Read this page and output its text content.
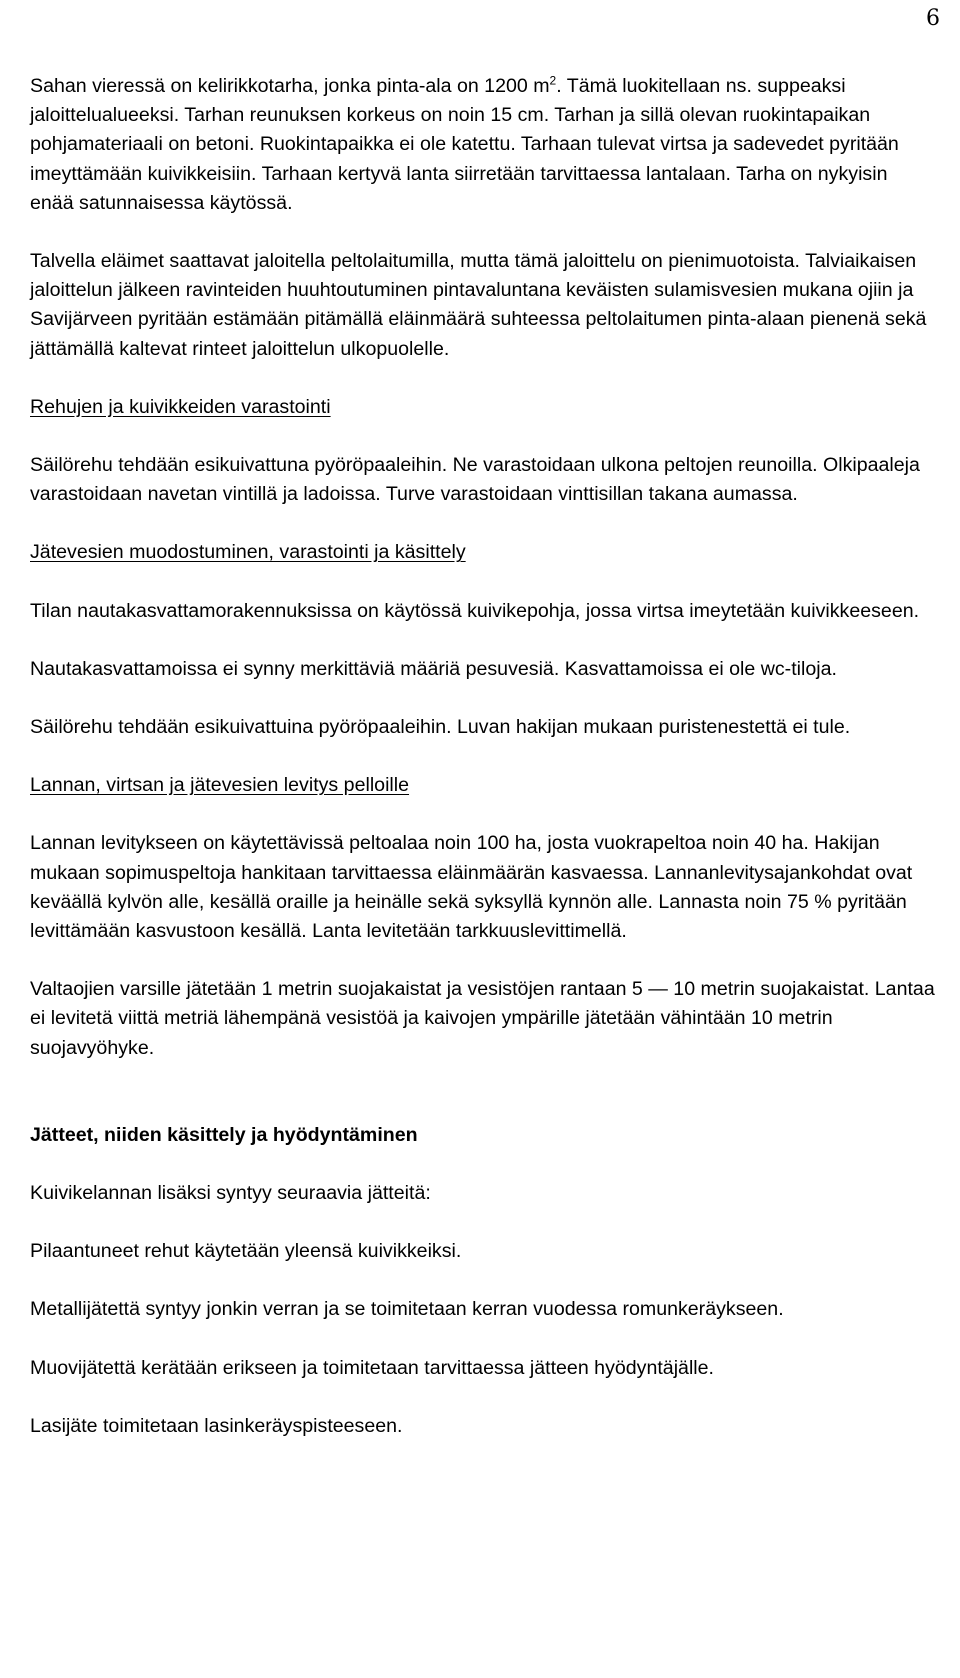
6

Sahan vieressä on kelirikkotarha, jonka pinta-ala on 1200 $m^2$. Tämä luokitellaan ns. suppeaksi jaloittelualueeksi. Tarhan reunuksen korkeus on noin 15 cm. Tarhan ja sillä olevan ruokintapaikan pohjamateriaali on betoni. Ruokintapaikka ei ole katettu. Tarhaan tulevat virtsa ja sadevedet pyritään imeyttämään kuivikkeisiin. Tarhaan kertyvä lanta siirretään tarvittaessa lantalaan. Tarha on nykyisin enää satunnaisessa käytössä.

Talvella eläimet saattavat jaloitella peltolaitumilla, mutta tämä jaloittelu on pienimuotoista. Talviaikaisen jaloittelun jälkeen ravinteiden huuhtoutuminen pintavaluntana keväisten sulamisvesien mukana ojiin ja Savijärveen pyritään estämään pitämällä eläinmäärä suhteessa peltolaitumen pinta-alaan pienenä sekä jättämällä kaltevat rinteet jaloittelun ulkopuolelle.

Rehujen ja kuivikkeiden varastointi

Säilörehu tehdään esikuivattuna pyöröpaaleihin. Ne varastoidaan ulkona peltojen reunoilla. Olkipaaleja varastoidaan navetan vintillä ja ladoissa. Turve varastoidaan vinttisillan takana aumassa.

Jätevesien muodostuminen, varastointi ja käsittely

Tilan nautakasvattamorakennuksissa on käytössä kuivikepohja, jossa virtsa imeytetään kuivikkeeseen.

Nautakasvattamoissa ei synny merkittäviä määriä pesuvesiä. Kasvattamoissa ei ole wc-tiloja.

Säilörehu tehdään esikuivattuina pyöröpaaleihin. Luvan hakijan mukaan puristenestettä ei tule.

Lannan, virtsan ja jätevesien levitys pelloille

Lannan levitykseen on käytettävissä peltoalaa noin 100 ha, josta vuokrapeltoa noin 40 ha. Hakijan mukaan sopimuspeltoja hankitaan tarvittaessa eläinmäärän kasvaessa. Lannanlevitysajankohdat ovat keväällä kylvön alle, kesällä oraille ja heinälle sekä syksyllä kynnön alle. Lannasta noin 75 % pyritään levittämään kasvustoon kesällä. Lanta levitetään tarkkuuslevittimellä.

Valtaojien varsille jätetään 1 metrin suojakaistat ja vesistöjen rantaan 5 — 10 metrin suojakaistat. Lantaa ei levitetä viittä metriä lähempänä vesistöä ja kaivojen ympärille jätetään vähintään 10 metrin suojavyöhyke.

Jätteet, niiden käsittely ja hyödyntäminen

Kuivikelannan lisäksi syntyy seuraavia jätteitä:

Pilaantuneet rehut käytetään yleensä kuivikkeiksi.

Metallijätettä syntyy jonkin verran ja se toimitetaan kerran vuodessa romunkeräykseen.

Muovijätettä kerätään erikseen ja toimitetaan tarvittaessa jätteen hyödyntäjälle.

Lasijäte toimitetaan lasinkeräyspisteeseen.
